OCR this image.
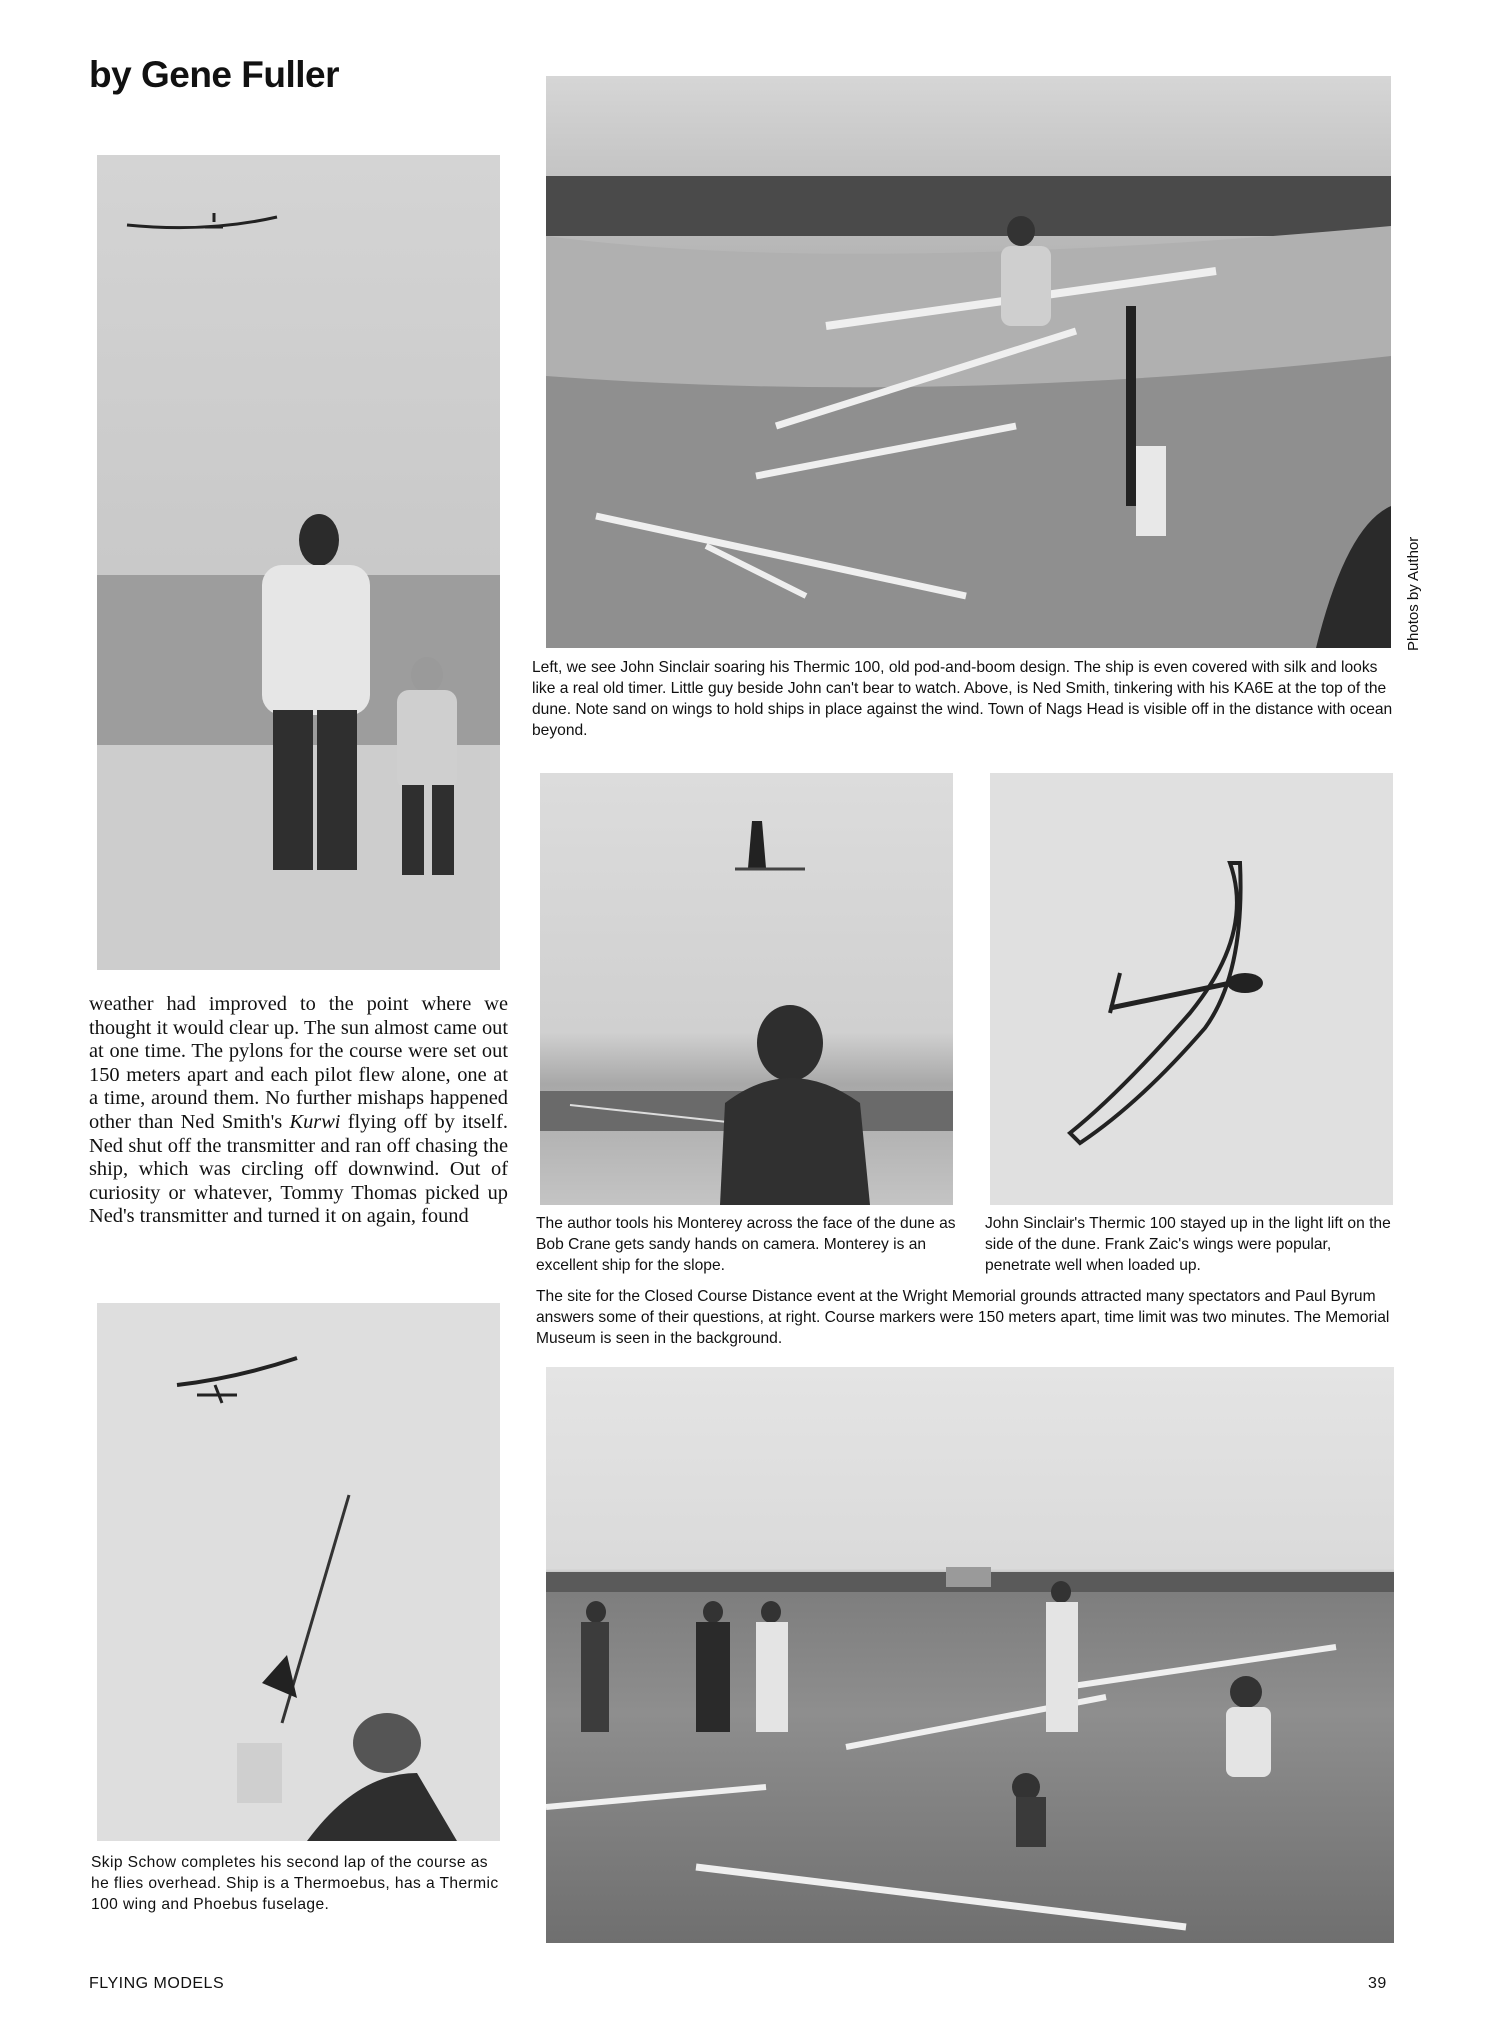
by Gene Fuller
Photos by Author
Left, we see John Sinclair soaring his Thermic 100, old pod-and-boom design. The ship is even covered with silk and looks like a real old timer. Little guy beside John can't bear to watch. Above, is Ned Smith, tinkering with his KA6E at the top of the dune. Note sand on wings to hold ships in place against the wind. Town of Nags Head is visible off in the distance with ocean beyond.
The author tools his Monterey across the face of the dune as Bob Crane gets sandy hands on camera. Monterey is an excellent ship for the slope.
John Sinclair's Thermic 100 stayed up in the light lift on the side of the dune. Frank Zaic's wings were popular, penetrate well when loaded up.
weather had improved to the point where we thought it would clear up. The sun almost came out at one time. The pylons for the course were set out 150 meters apart and each pilot flew alone, one at a time, around them. No further mishaps happened other than Ned Smith's Kurwi flying off by itself. Ned shut off the transmitter and ran off chasing the ship, which was circling off downwind. Out of curiosity or whatever, Tommy Thomas picked up Ned's transmitter and turned it on again, found
The site for the Closed Course Distance event at the Wright Memorial grounds attracted many spectators and Paul Byrum answers some of their questions, at right. Course markers were 150 meters apart, time limit was two minutes. The Memorial Museum is seen in the background.
Skip Schow completes his second lap of the course as he flies overhead. Ship is a Thermoebus, has a Thermic 100 wing and Phoebus fuselage.
FLYING MODELS	39
